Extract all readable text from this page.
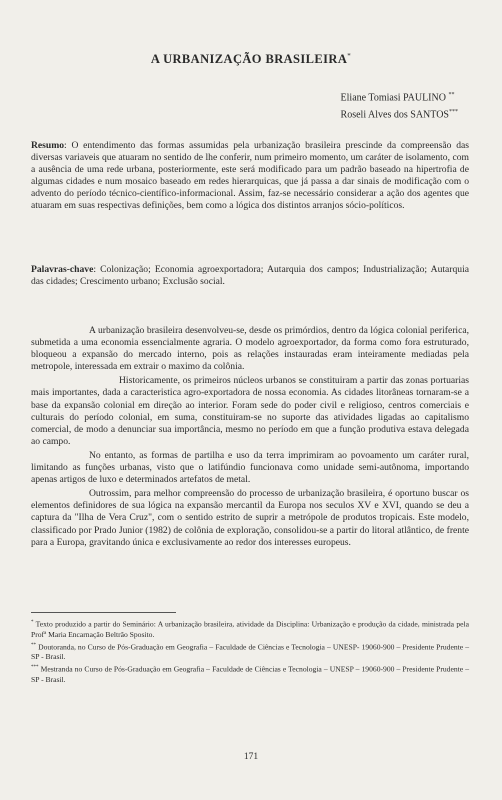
A URBANIZAÇÃO BRASILEIRA*
Eliane Tomiasi PAULINO **
Roseli Alves dos SANTOS***

Resumo: O entendimento das formas assumidas pela urbanização brasileira prescinde da compreensão das diversas variaveis que atuaram no sentido de lhe conferir, num primeiro momento, um caráter de isolamento, com a ausência de uma rede urbana, posteriormente, este será modificado para um padrão baseado na hipertrofia de algumas cidades e num mosaico baseado em redes hierarquicas, que já passa a dar sinais de modificação com o advento do período técnico-científico-informacional. Assim, faz-se necessário considerar a ação dos agentes que atuaram em suas respectivas definições, bem como a lógica dos distintos arranjos sócio-políticos.

Palavras-chave: Colonização; Economia agroexportadora; Autarquia dos campos; Industrialização; Autarquia das cidades; Crescimento urbano; Exclusão social.

A urbanização brasileira desenvolveu-se, desde os primórdios, dentro da lógica colonial periferica, submetida a uma economia essencialmente agraria. O modelo agroexportador, da forma como fora estruturado, bloqueou a expansão do mercado interno, pois as relações instauradas eram inteiramente mediadas pela metropole, interessada em extrair o maximo da colônia.

Historicamente, os primeiros núcleos urbanos se constituiram a partir das zonas portuarias mais importantes, dada a caracteristica agro-exportadora de nossa economia. As cidades litorâneas tornaram-se a base da expansão colonial em direção ao interior. Foram sede do poder civil e religioso, centros comerciais e culturais do período colonial, em suma, constituiram-se no suporte das atividades ligadas ao capitalismo comercial, de modo a denunciar sua importância, mesmo no período em que a função produtiva estava delegada ao campo.

No entanto, as formas de partilha e uso da terra imprimiram ao povoamento um caráter rural, limitando as funções urbanas, visto que o latifúndio funcionava como unidade semi-autônoma, importando apenas artigos de luxo e determinados artefatos de metal.

Outrossim, para melhor compreensão do processo de urbanização brasileira, é oportuno buscar os elementos definidores de sua lógica na expansão mercantil da Europa nos seculos XV e XVI, quando se deu a captura da "Ilha de Vera Cruz", com o sentido estrito de suprir a metrópole de produtos tropicais. Este modelo, classificado por Prado Junior (1982) de colônia de exploração, consolidou-se a partir do litoral atlântico, de frente para a Europa, gravitando única e exclusivamente ao redor dos interesses europeus.

* Texto produzido a partir do Seminário: A urbanização brasileira, atividade da Disciplina: Urbanização e produção da cidade, ministrada pela Profª Maria Encarnação Beltrão Sposito.

** Doutoranda, no Curso de Pós-Graduação em Geografia – Faculdade de Ciências e Tecnologia – UNESP- 19060-900 – Presidente Prudente – SP - Brasil.

*** Mestranda no Curso de Pós-Graduação em Geografia – Faculdade de Ciências e Tecnologia – UNESP – 19060-900 – Presidente Prudente – SP - Brasil.

171
